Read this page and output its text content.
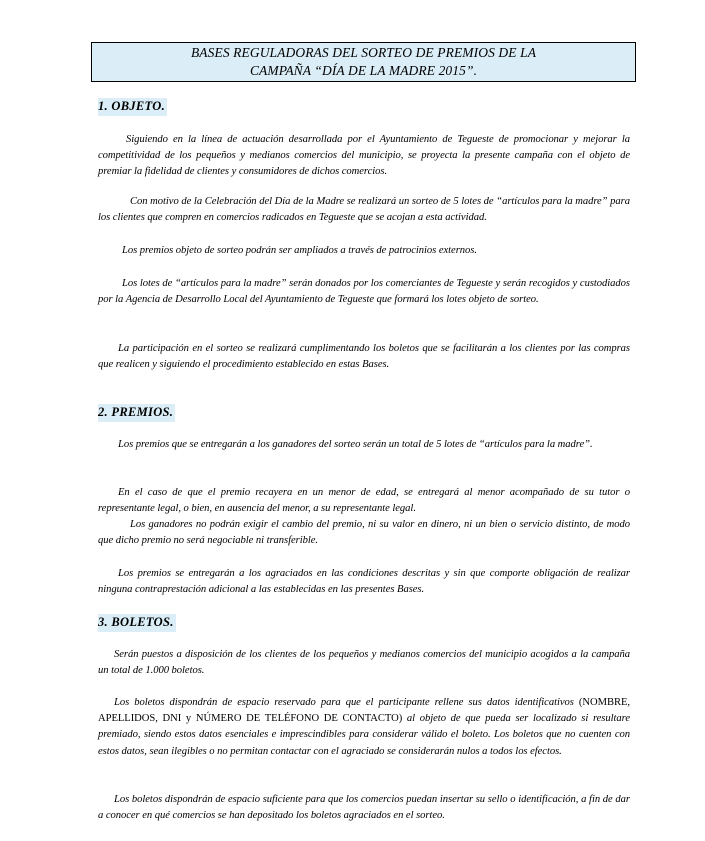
BASES REGULADORAS DEL SORTEO DE PREMIOS DE LA
CAMPAÑA “DÍA DE LA MADRE 2015”.
1. OBJETO.

Siguiendo en la línea de actuación desarrollada por el Ayuntamiento de Tegueste de promocionar y mejorar la competitividad de los pequeños y medianos comercios del municipio, se proyecta la presente campaña con el objeto de premiar la fidelidad de clientes y consumidores de dichos comercios.

Con motivo de la Celebración del Día de la Madre se realizará un sorteo de 5 lotes de “artículos para la madre” para los clientes que compren en comercios radicados en Tegueste que se acojan a esta actividad.

Los premios objeto de sorteo podrán ser ampliados a través de patrocinios externos.

Los lotes de “artículos para la madre” serán donados por los comerciantes de Tegueste y serán recogidos y custodiados por la Agencia de Desarrollo Local del Ayuntamiento de Tegueste que formará los lotes objeto de sorteo.

La participación en el sorteo se realizará cumplimentando los boletos que se facilitarán a los clientes por las compras que realicen y siguiendo el procedimiento establecido en estas Bases.

2. PREMIOS.

Los premios que se entregarán a los ganadores del sorteo serán un total de 5 lotes de “artículos para la madre”.

En el caso de que el premio recayera en un menor de edad, se entregará al menor acompañado de su tutor o representante legal, o bien, en ausencia del menor, a su representante legal.

Los ganadores no podrán exigir el cambio del premio, ni su valor en dinero, ni un bien o servicio distinto, de modo que dicho premio no será negociable ni transferible.

Los premios se entregarán a los agraciados en las condiciones descritas y sin que comporte obligación de realizar ninguna contraprestación adicional a las establecidas en las presentes Bases.

3. BOLETOS.

Serán puestos a disposición de los clientes de los pequeños y medianos comercios del municipio acogidos a la campaña un total de 1.000 boletos.

Los boletos dispondrán de espacio reservado para que el participante rellene sus datos identificativos (NOMBRE, APELLIDOS, DNI y NÚMERO DE TELÉFONO DE CONTACTO) al objeto de que pueda ser localizado si resultare premiado, siendo estos datos esenciales e imprescindibles para considerar válido el boleto. Los boletos que no cuenten con estos datos, sean ilegibles o no permitan contactar con el agraciado se considerarán nulos a todos los efectos.

Los boletos dispondrán de espacio suficiente para que los comercios puedan insertar su sello o identificación, a fin de dar a conocer en qué comercios se han depositado los boletos agraciados en el sorteo.
